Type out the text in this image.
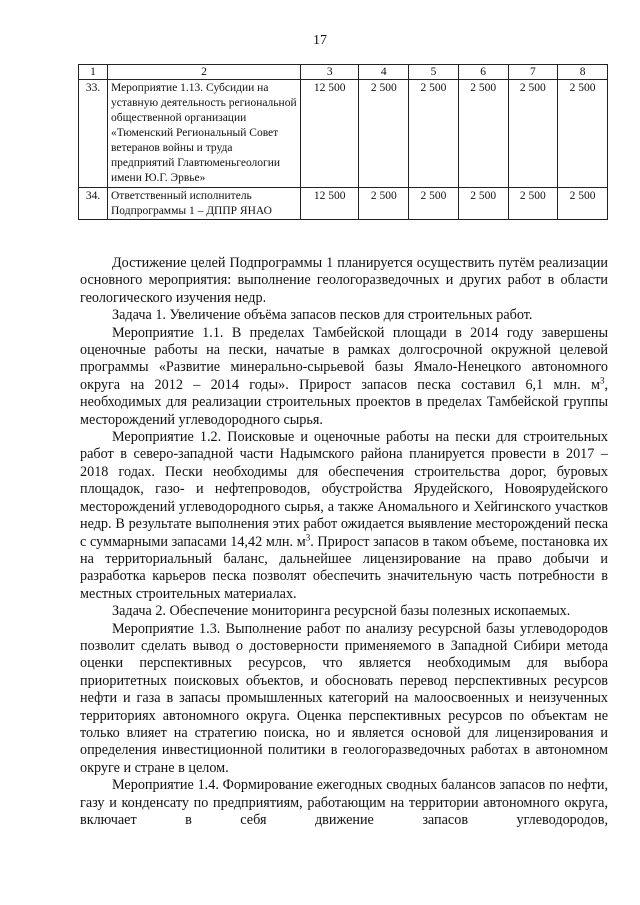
17
1	2	3	4	5	6	7	8
33.	Мероприятие 1.13. Субсидии на уставную деятельность региональной общественной организации «Тюменский Региональный Совет ветеранов войны и труда предприятий Главтюменьгеологии имени Ю.Г. Эрвье»	12 500	2 500	2 500	2 500	2 500	2 500
34.	Ответственный исполнитель Подпрограммы 1 – ДППР ЯНАО	12 500	2 500	2 500	2 500	2 500	2 500

Достижение целей Подпрограммы 1 планируется осуществить путём реализации основного мероприятия: выполнение геологоразведочных и других работ в области геологического изучения недр.

Задача 1. Увеличение объёма запасов песков для строительных работ.

Мероприятие 1.1. В пределах Тамбейской площади в 2014 году завершены оценочные работы на пески, начатые в рамках долгосрочной окружной целевой программы «Развитие минерально-сырьевой базы Ямало-Ненецкого автономного округа на 2012 – 2014 годы». Прирост запасов песка составил 6,1 млн. $м^3$, необходимых для реализации строительных проектов в пределах Тамбейской группы месторождений углеводородного сырья.

Мероприятие 1.2. Поисковые и оценочные работы на пески для строительных работ в северо-западной части Надымского района планируется провести в 2017 – 2018 годах. Пески необходимы для обеспечения строительства дорог, буровых площадок, газо- и нефтепроводов, обустройства Ярудейского, Новоярудейского месторождений углеводородного сырья, а также Аномального и Хейгинского участков недр. В результате выполнения этих работ ожидается выявление месторождений песка с суммарными запасами 14,42 млн. $м^3$. Прирост запасов в таком объеме, постановка их на территориальный баланс, дальнейшее лицензирование на право добычи и разработка карьеров песка позволят обеспечить значительную часть потребности в местных строительных материалах.

Задача 2. Обеспечение мониторинга ресурсной базы полезных ископаемых.

Мероприятие 1.3. Выполнение работ по анализу ресурсной базы углеводородов позволит сделать вывод о достоверности применяемого в Западной Сибири метода оценки перспективных ресурсов, что является необходимым для выбора приоритетных поисковых объектов, и обосновать перевод перспективных ресурсов нефти и газа в запасы промышленных категорий на малоосвоенных и неизученных территориях автономного округа. Оценка перспективных ресурсов по объектам не только влияет на стратегию поиска, но и является основой для лицензирования и определения инвестиционной политики в геологоразведочных работах в автономном округе и стране в целом.

Мероприятие 1.4. Формирование ежегодных сводных балансов запасов по нефти, газу и конденсату по предприятиям, работающим на территории автономного округа, включает в себя движение запасов углеводородов,
